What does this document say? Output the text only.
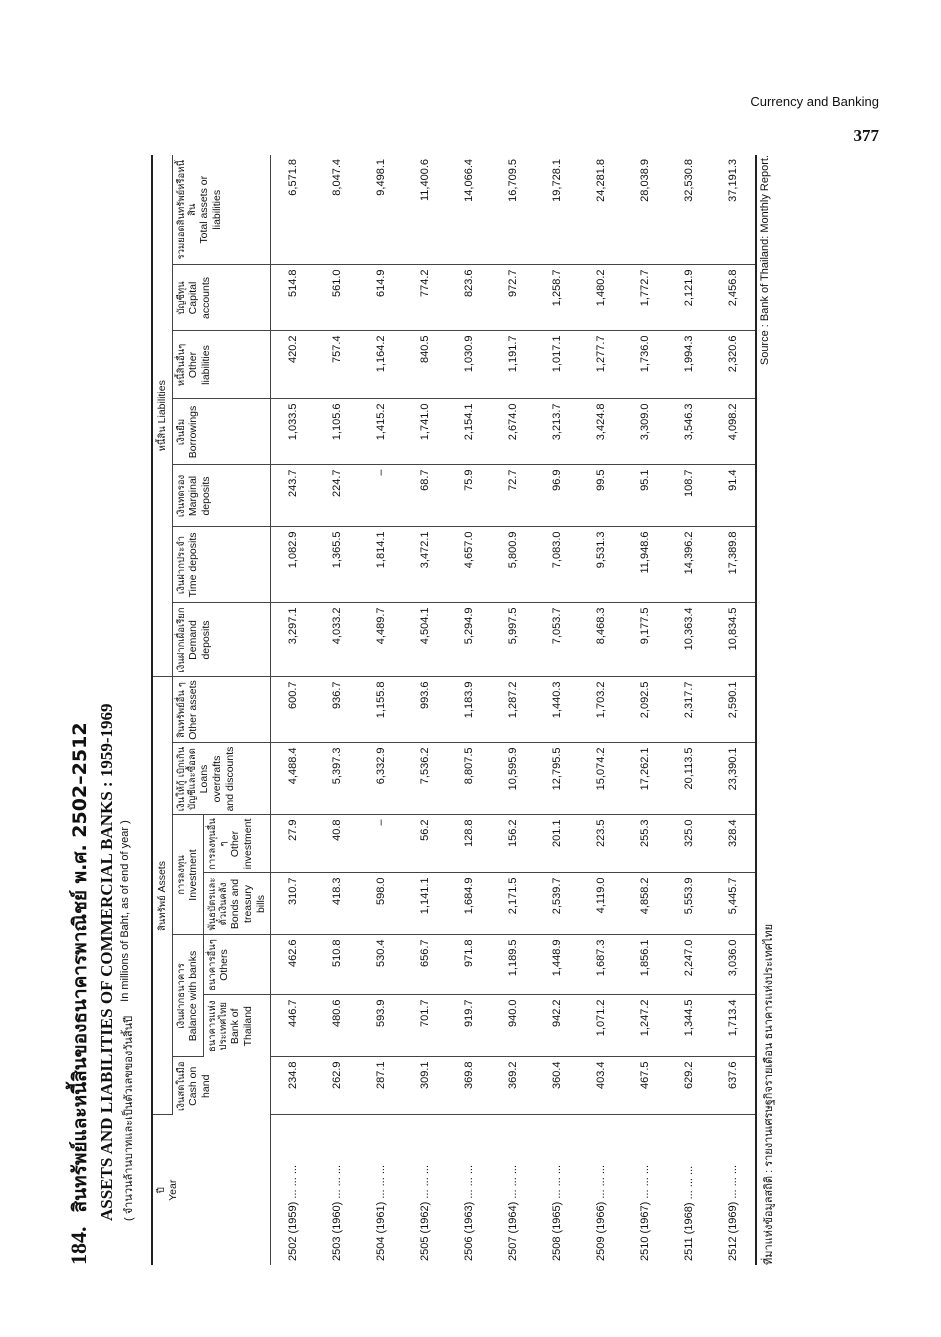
Currency and Banking
377
184.
สินทรัพย์และหนี้สินของธนาคารพาณิชย์ พ.ศ. 2502–2512 ASSETS AND LIABILITIES OF COMMERCIAL BANKS : 1959-1969 ( จำนวนล้านบาทและเป็นตัวเลขของวันสิ้นปี
In millions of Baht, as of end of year )
ปี Year	สินทรัพย์ Assets							หนี้สิน Liabilities						

	เงินสดในมือ Cash on hand	เงินฝากธนาคาร Balance with banks		การลงทุน Investment		เงินให้กู้ เบิกเกินบัญชีและซื้อลด Loans overdrafts and discounts	สินทรัพย์อื่น ๆ Other assets	เงินฝากเผื่อเรียก Demand deposits	เงินฝากประจำ Time deposits	เงินทดรอง Marginal deposits	เงินยืม Borrowings	หนี้สินอื่นๆ Other liabilities	บัญชีทุน Capital accounts	รวมยอดสินทรัพย์หรือหนี้สิน Total assets or liabilities

		ธนาคารแห่งประเทศไทย Bank of Thailand	ธนาคารอื่นๆ Others	พันธบัตรและตั๋วเงินคลัง Bonds and treasury bills	การลงทุนอื่น ๆ Other investment									
2502 (1959) ... ... ...	234.8	446.7	462.6	310.7	27.9	4,488.4	600.7	3,297.1	1,082.9	243.7	1,033.5	420.2	514.8	6,571.8
2503 (1960) ... ... ...	262.9	480.6	510.8	418.3	40.8	5,397.3	936.7	4,033.2	1,365.5	224.7	1,105.6	757.4	561.0	8,047.4
2504 (1961) ... ... ...	287.1	593.9	530.4	598.0	–	6,332.9	1,155.8	4,489.7	1,814.1	–	1,415.2	1,164.2	614.9	9,498.1
2505 (1962) ... ... ...	309.1	701.7	656.7	1,141.1	56.2	7,536.2	993.6	4,504.1	3,472.1	68.7	1,741.0	840.5	774.2	11,400.6
2506 (1963) ... ... ...	369.8	919.7	971.8	1,684.9	128.8	8,807.5	1,183.9	5,294.9	4,657.0	75.9	2,154.1	1,030.9	823.6	14,066.4
2507 (1964) ... ... ...	369.2	940.0	1,189.5	2,171.5	156.2	10,595.9	1,287.2	5,997.5	5,800.9	72.7	2,674.0	1,191.7	972.7	16,709.5
2508 (1965) ... ... ...	360.4	942.2	1,448.9	2,539.7	201.1	12,795.5	1,440.3	7,053.7	7,083.0	96.9	3,213.7	1,017.1	1,258.7	19,728.1
2509 (1966) ... ... ...	403.4	1,071.2	1,687.3	4,119.0	223.5	15,074.2	1,703.2	8,468.3	9,531.3	99.5	3,424.8	1,277.7	1,480.2	24,281.8
2510 (1967) ... ... ...	467.5	1,247.2	1,856.1	4,858.2	255.3	17,262.1	2,092.5	9,177.5	11,948.6	95.1	3,309.0	1,736.0	1,772.7	28,038.9
2511 (1968) ... ... ...	629.2	1,344.5	2,247.0	5,553.9	325.0	20,113.5	2,317.7	10,363.4	14,396.2	108.7	3,546.3	1,994.3	2,121.9	32,530.8
2512 (1969) ... ... ...	637.6	1,713.4	3,036.0	5,445.7	328.4	23,390.1	2,590.1	10,834.5	17,389.8	91.4	4,098.2	2,320.6	2,456.8	37,191.3
ที่มาแห่งข้อมูลสถิติ : รายงานเศรษฐกิจรายเดือน ธนาคารแห่งประเทศไทย
Source : Bank of Thailand: Monthly Report.
